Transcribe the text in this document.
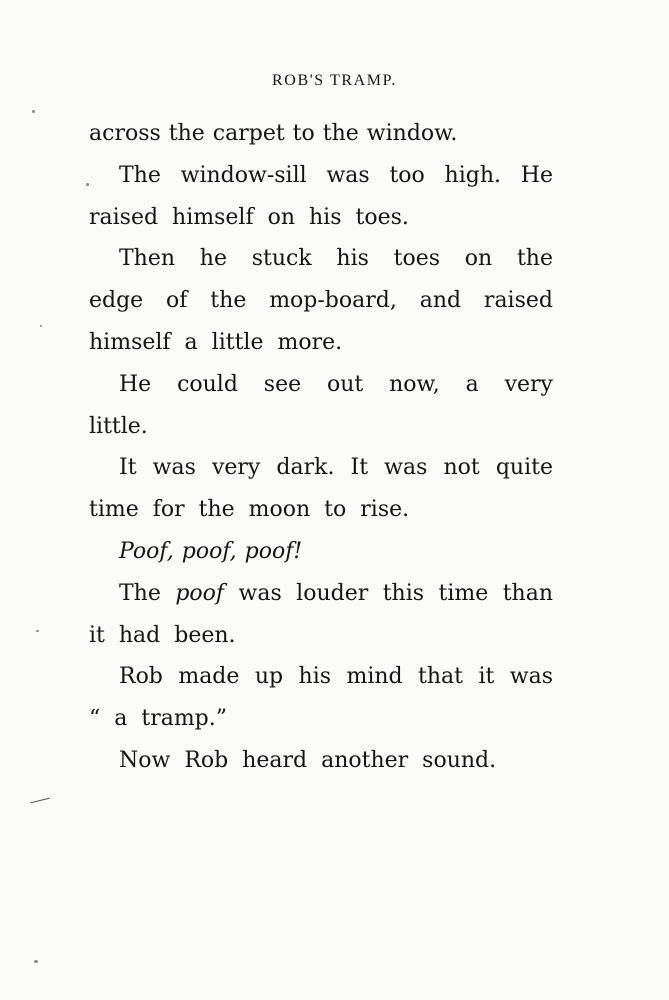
ROB'S TRAMP.

across the carpet to the window.

The window-sill was too high. He raised himself on his toes.

Then he stuck his toes on the edge of the mop-board, and raised himself a little more.

He could see out now, a very little.

It was very dark. It was not quite time for the moon to rise.

Poof, poof, poof!

The poof was louder this time than it had been.

Rob made up his mind that it was “ a tramp.”

Now Rob heard another sound.
